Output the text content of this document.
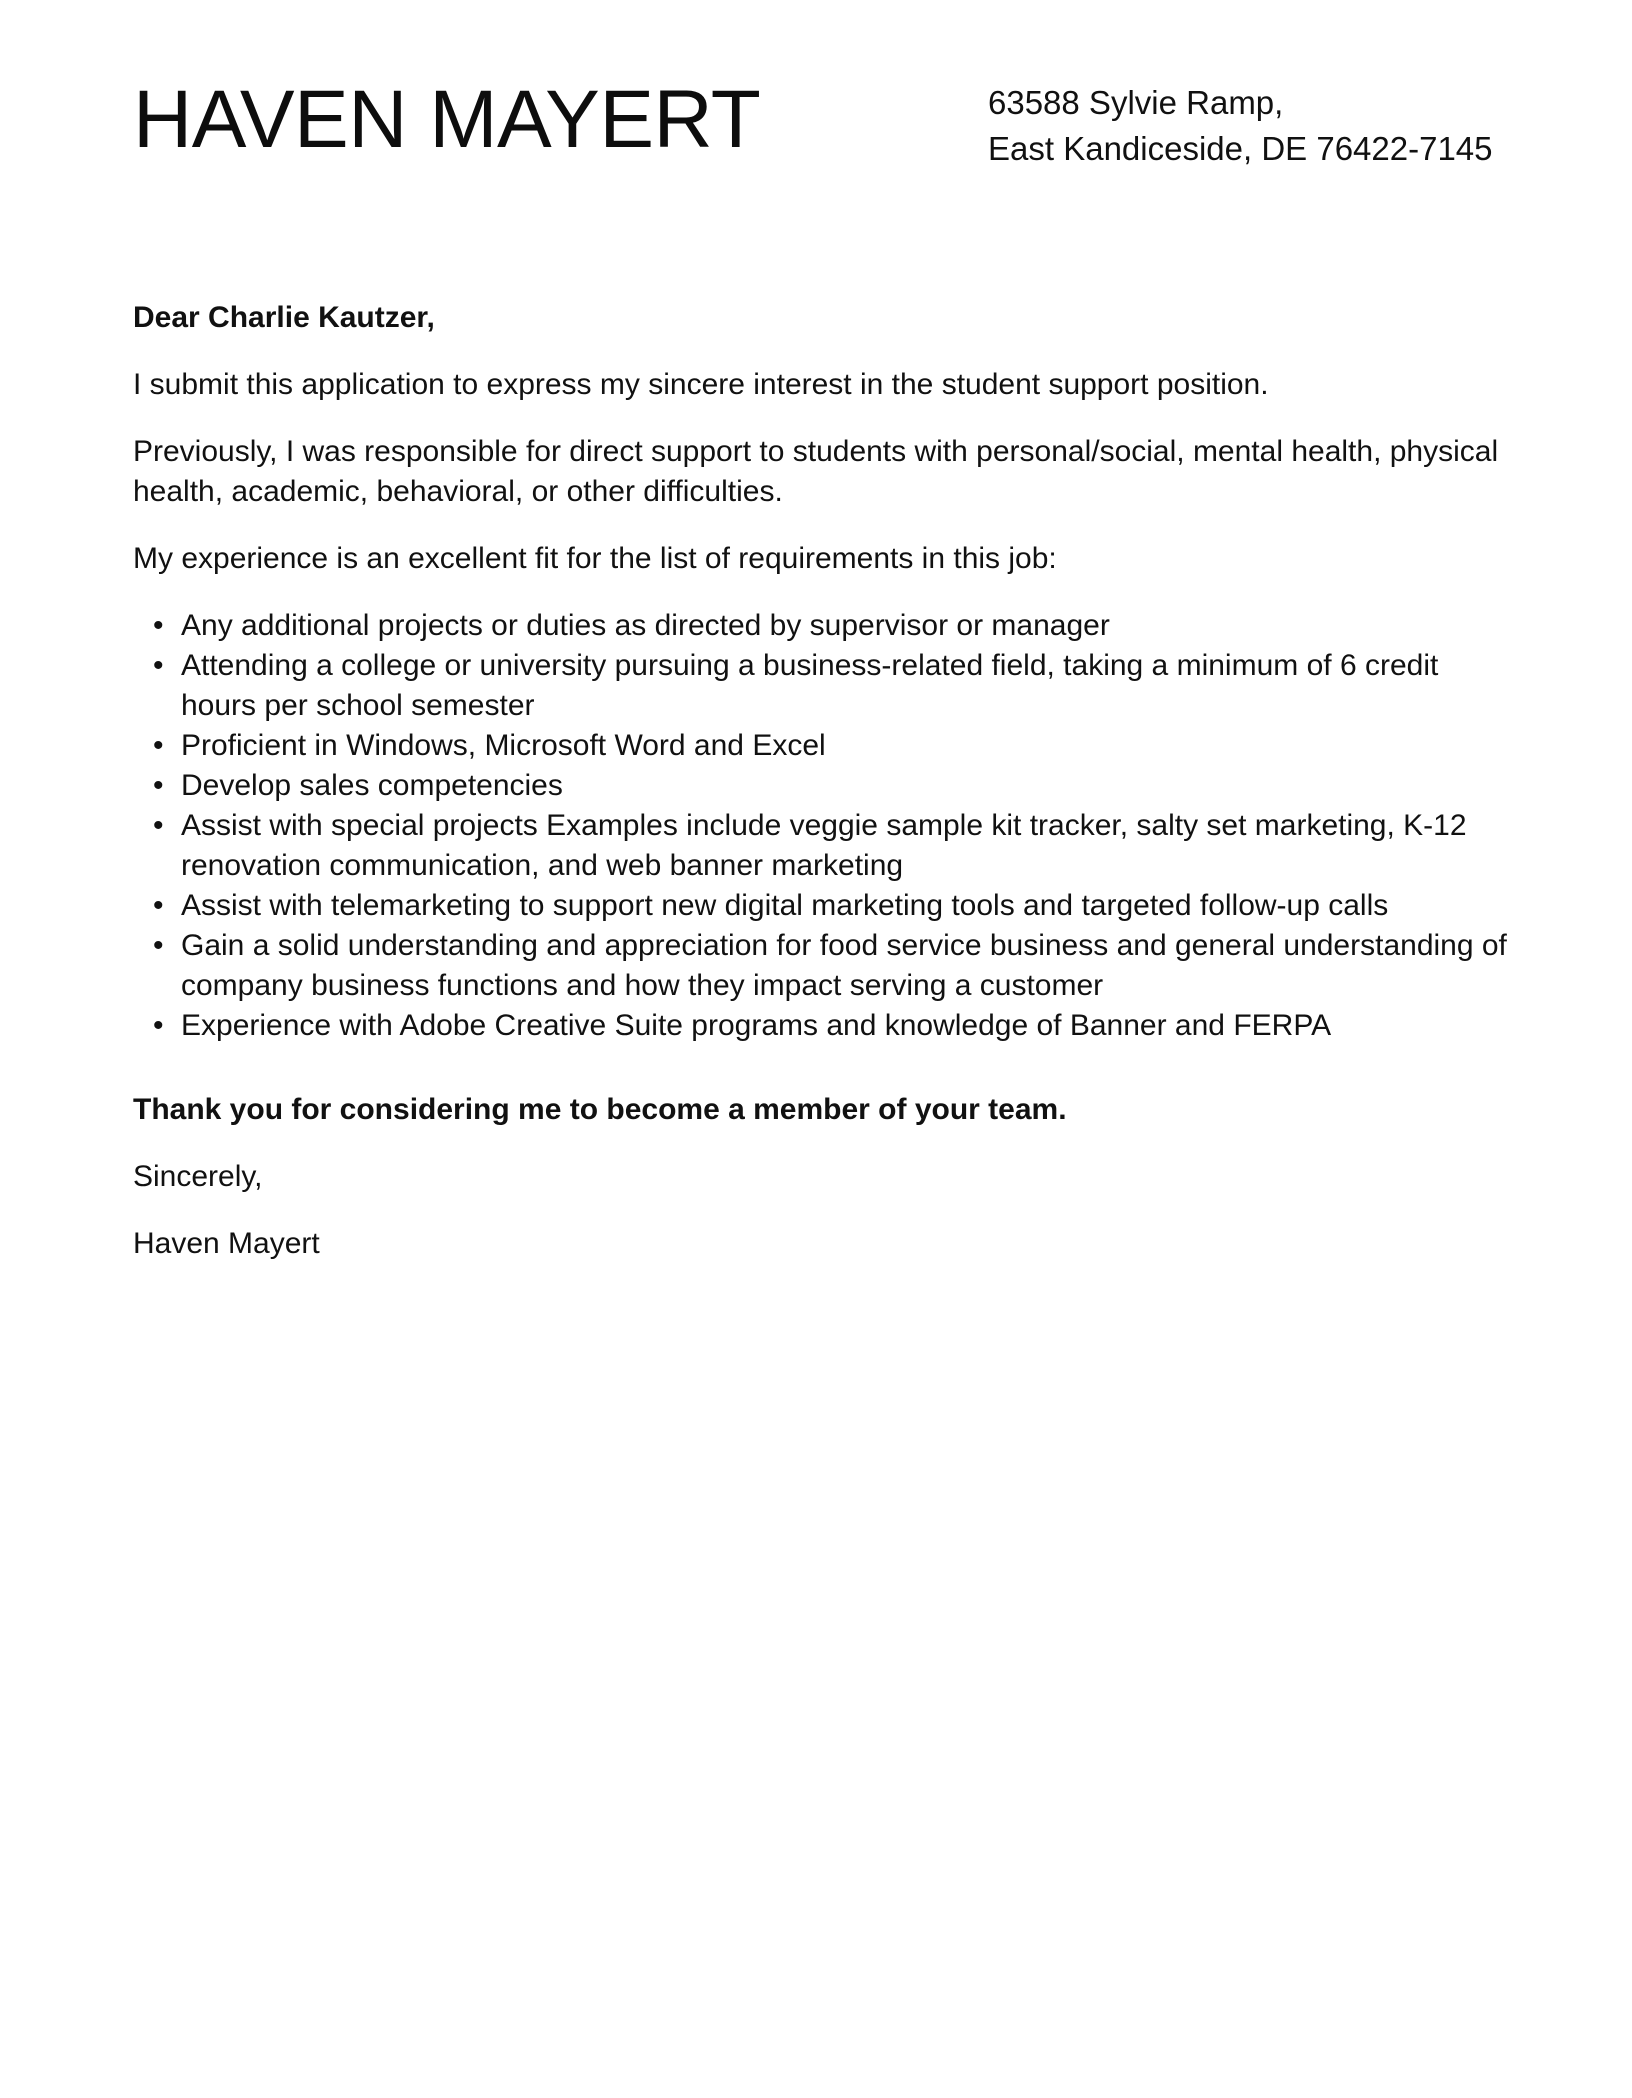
HAVEN MAYERT	63588 Sylvie Ramp,
East Kandiceside, DE 76422-7145

Dear Charlie Kautzer,

I submit this application to express my sincere interest in the student support position.

Previously, I was responsible for direct support to students with personal/social, mental health, physical health, academic, behavioral, or other difficulties.

My experience is an excellent fit for the list of requirements in this job:

• Any additional projects or duties as directed by supervisor or manager
• Attending a college or university pursuing a business-related field, taking a minimum of 6 credit hours per school semester
• Proficient in Windows, Microsoft Word and Excel
• Develop sales competencies
• Assist with special projects Examples include veggie sample kit tracker, salty set marketing, K-12 renovation communication, and web banner marketing
• Assist with telemarketing to support new digital marketing tools and targeted follow-up calls
• Gain a solid understanding and appreciation for food service business and general understanding of company business functions and how they impact serving a customer
• Experience with Adobe Creative Suite programs and knowledge of Banner and FERPA

Thank you for considering me to become a member of your team.

Sincerely,

Haven Mayert
